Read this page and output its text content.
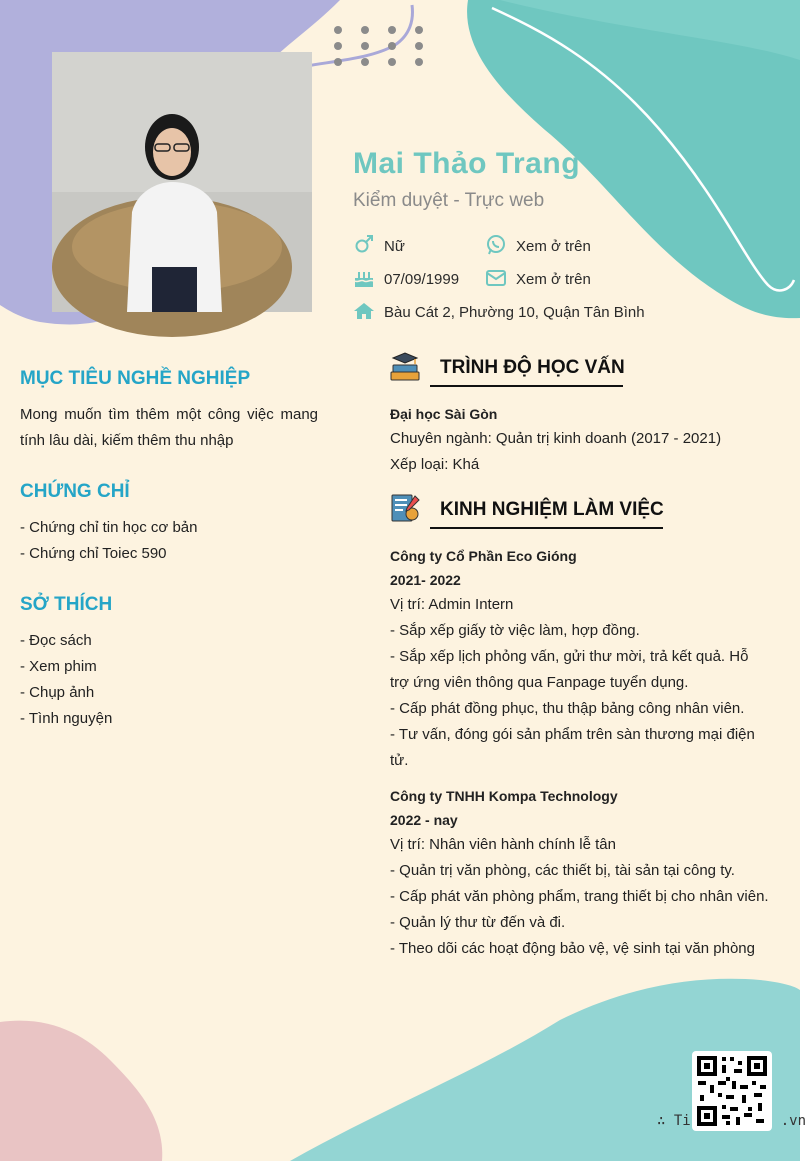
Mai Thảo Trang
Kiểm duyệt - Trực web
Nữ	Xem ở trên
07/09/1999	Xem ở trên
Bàu Cát 2, Phường 10, Quận Tân Bình
MỤC TIÊU NGHỀ NGHIỆP
Mong muốn tìm thêm một công việc mang tính lâu dài, kiếm thêm thu nhập
CHỨNG CHỈ
- Chứng chỉ tin học cơ bản
- Chứng chỉ Toiec 590
SỞ THÍCH
- Đọc sách
- Xem phim
- Chụp ảnh
- Tình nguyện
TRÌNH ĐỘ HỌC VẤN
Đại học Sài Gòn
Chuyên ngành: Quản trị kinh doanh (2017 - 2021)
Xếp loại: Khá
KINH NGHIỆM LÀM VIỆC
Công ty Cổ Phần Eco Gióng
2021- 2022
Vị trí: Admin Intern
- Sắp xếp giấy tờ việc làm, hợp đồng.
- Sắp xếp lịch phỏng vấn, gửi thư mời, trả kết quả. Hỗ trợ ứng viên thông qua Fanpage tuyển dụng.
- Cấp phát đồng phục, thu thập bảng công nhân viên.
- Tư vấn, đóng gói sản phẩm trên sàn thương mại điện tử.
Công ty TNHH Kompa Technology
2022 - nay
Vị trí: Nhân viên hành chính lễ tân
- Quản trị văn phòng, các thiết bị, tài sản tại công ty.
- Cấp phát văn phòng phẩm, trang thiết bị cho nhân viên.
- Quản lý thư từ đến và đi.
- Theo dõi các hoạt động bảo vệ, vệ sinh tại văn phòng
∴ Ti	.vn
